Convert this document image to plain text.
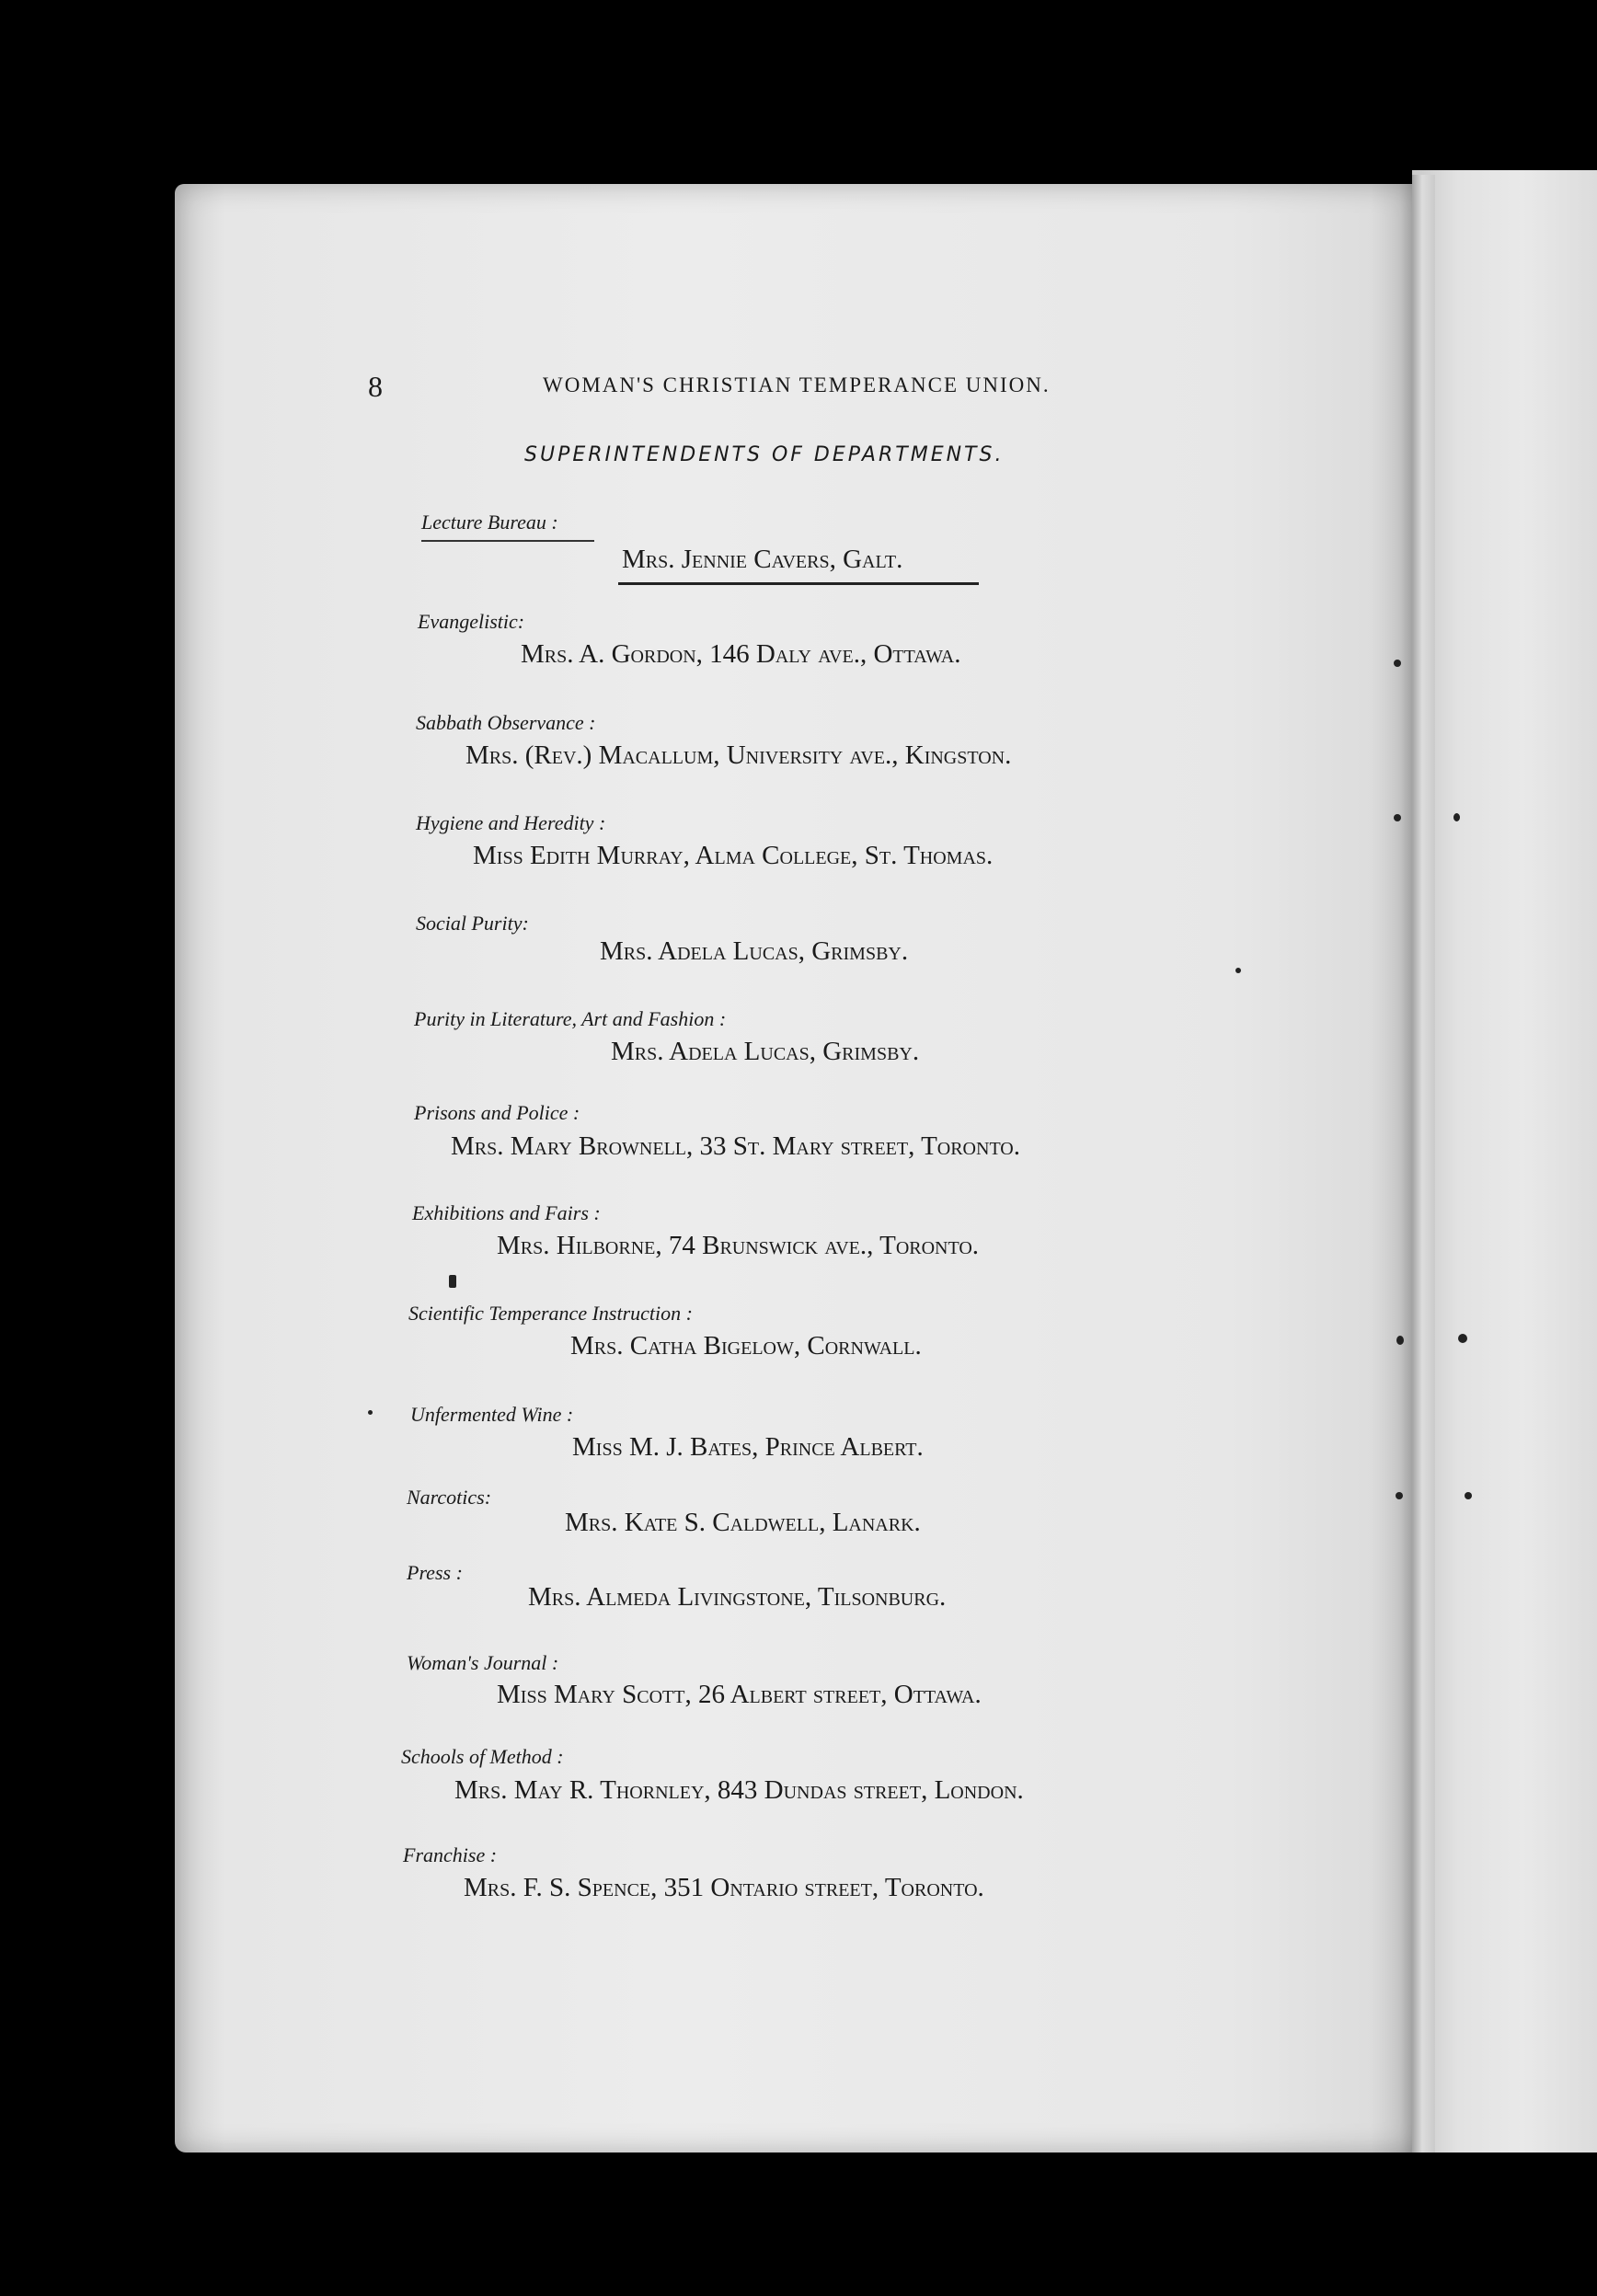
8	WOMAN'S CHRISTIAN TEMPERANCE UNION.
SUPERINTENDENTS OF DEPARTMENTS.
Lecture Bureau :
Mrs. Jennie Cavers, Galt.
Evangelistic:
Mrs. A. Gordon, 146 Daly ave., Ottawa.
Sabbath Observance :
Mrs. (Rev.) Macallum, University ave., Kingston.
Hygiene and Heredity :
Miss Edith Murray, Alma College, St. Thomas.
Social Purity:
Mrs. Adela Lucas, Grimsby.
Purity in Literature, Art and Fashion :
Mrs. Adela Lucas, Grimsby.
Prisons and Police :
Mrs. Mary Brownell, 33 St. Mary street, Toronto.
Exhibitions and Fairs :
Mrs. Hilborne, 74 Brunswick ave., Toronto.
Scientific Temperance Instruction :
Mrs. Catha Bigelow, Cornwall.
Unfermented Wine :
Miss M. J. Bates, Prince Albert.
Narcotics:
Mrs. Kate S. Caldwell, Lanark.
Press :
Mrs. Almeda Livingstone, Tilsonburg.
Woman's Journal :
Miss Mary Scott, 26 Albert street, Ottawa.
Schools of Method :
Mrs. May R. Thornley, 843 Dundas street, London.
Franchise :
Mrs. F. S. Spence, 351 Ontario street, Toronto.
